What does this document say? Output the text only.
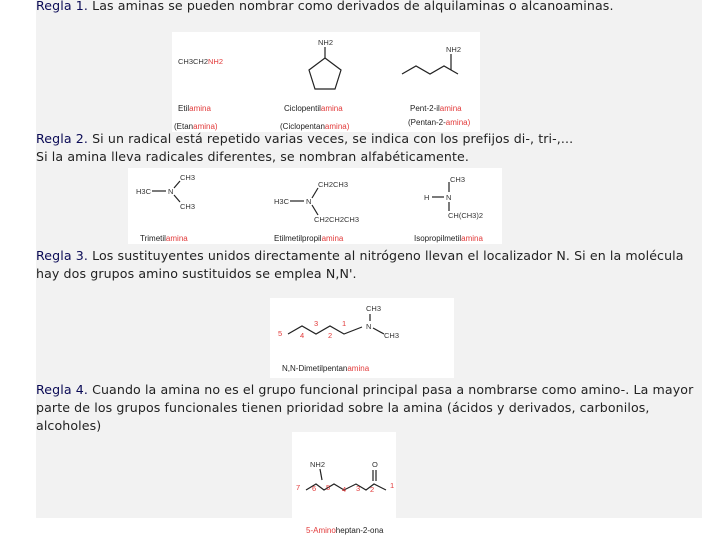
Regla 1. Las aminas se pueden nombrar como derivados de alquilaminas o alcanoaminas.
CH3CH2NH2
NH2
NH2
Etilamina
(Etanamina)
Ciclopentilamina
(Ciclopentanamina)
Pent-2-ilamina
(Pentan-2-amina)
Regla 2. Si un radical está repetido varias veces, se indica con los prefijos di-, tri-,...
Si la amina lleva radicales diferentes, se nombran alfabéticamente.
H3C N
CH3
CH3
Trimetilamina
H3C N
CH2CH3
CH2CH2CH3
Etilmetilpropilamina
H N
CH3
CH(CH3)2
Isopropilmetilamina
Regla 3. Los sustituyentes unidos directamente al nitrógeno llevan el localizador N. Si en la molécula hay dos grupos amino sustituidos se emplea N,N'.
CH3
N
CH3
5 4
3
2
1
N,N-Dimetilpentanamina
Regla 4. Cuando la amina no es el grupo funcional principal pasa a nombrarse como amino-. La mayor parte de los grupos funcionales tienen prioridad sobre la amina (ácidos y derivados, carbonilos, alcoholes)
NH2	O
7 6 5 4 3 2 1
5-Aminoheptan-2-ona
